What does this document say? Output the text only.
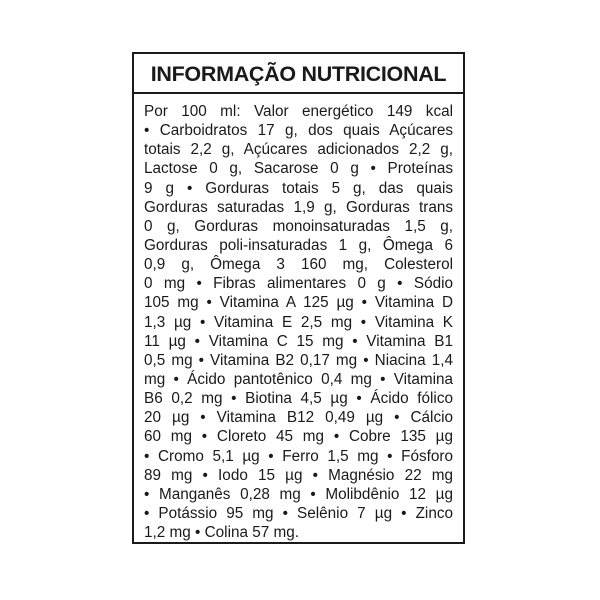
INFORMAÇÃO NUTRICIONAL
Por 100 ml: Valor energético 149 kcal
• Carboidratos 17 g, dos quais Açúcares
totais 2,2 g, Açúcares adicionados 2,2 g,
Lactose 0 g, Sacarose 0 g • Proteínas
9 g • Gorduras totais 5 g, das quais
Gorduras saturadas 1,9 g, Gorduras trans
0 g, Gorduras monoinsaturadas 1,5 g,
Gorduras poli-insaturadas 1 g, Ômega 6
0,9 g, Ômega 3 160 mg, Colesterol
0 mg • Fibras alimentares 0 g • Sódio
105 mg • Vitamina A 125 µg • Vitamina D
1,3 µg • Vitamina E 2,5 mg • Vitamina K
11 µg • Vitamina C 15 mg • Vitamina B1
0,5 mg • Vitamina B2 0,17 mg • Niacina 1,4
mg • Ácido pantotênico 0,4 mg • Vitamina
B6 0,2 mg • Biotina 4,5 µg • Ácido fólico
20 µg • Vitamina B12 0,49 µg • Cálcio
60 mg • Cloreto 45 mg • Cobre 135 µg
• Cromo 5,1 µg • Ferro 1,5 mg • Fósforo
89 mg • Iodo 15 µg • Magnésio 22 mg
• Manganês 0,28 mg • Molibdênio 12 µg
• Potássio 95 mg • Selênio 7 µg • Zinco
1,2 mg • Colina 57 mg.
